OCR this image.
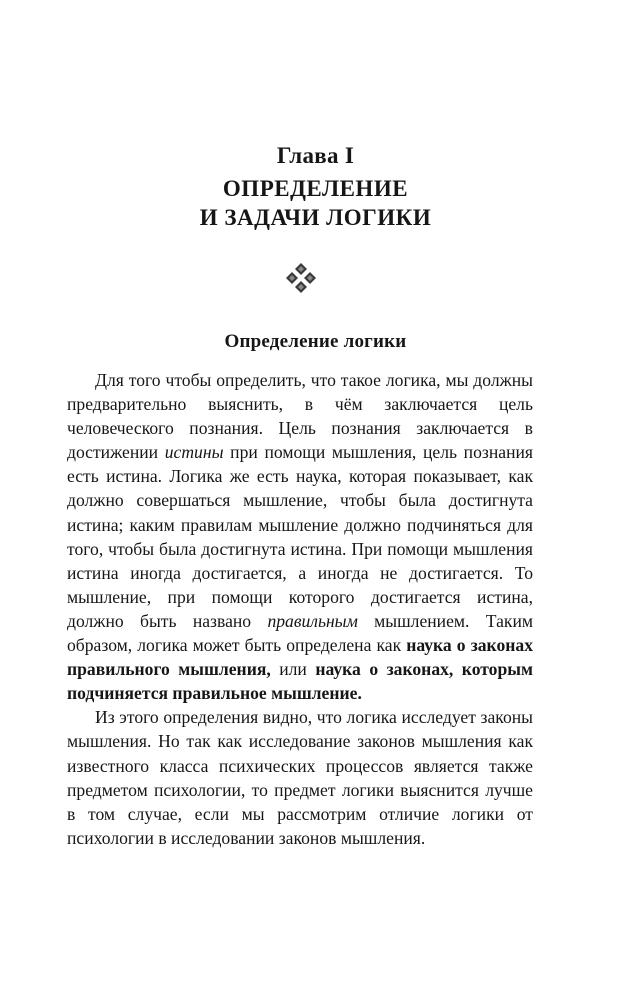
Глава I
ОПРЕДЕЛЕНИЕ
И ЗАДАЧИ ЛОГИКИ
Определение логики

Для того чтобы определить, что такое логика, мы должны предварительно выяснить, в чём заключается цель человеческого познания. Цель познания заключается в достижении истины при помощи мышления, цель познания есть истина. Логика же есть наука, которая показывает, как должно совершаться мышление, чтобы была достигнута истина; каким правилам мышление должно подчиняться для того, чтобы была достигнута истина. При помощи мышления истина иногда достигается, а иногда не достигается. То мышление, при помощи которого достигается истина, должно быть названо правильным мышлением. Таким образом, логика может быть определена как наука о законах правильного мышления, или наука о законах, которым подчиняется правильное мышление.

Из этого определения видно, что логика исследует законы мышления. Но так как исследование законов мышления как известного класса психических процессов является также предметом психологии, то предмет логики выяснится лучше в том случае, если мы рассмотрим отличие логики от психологии в исследовании законов мышления.
